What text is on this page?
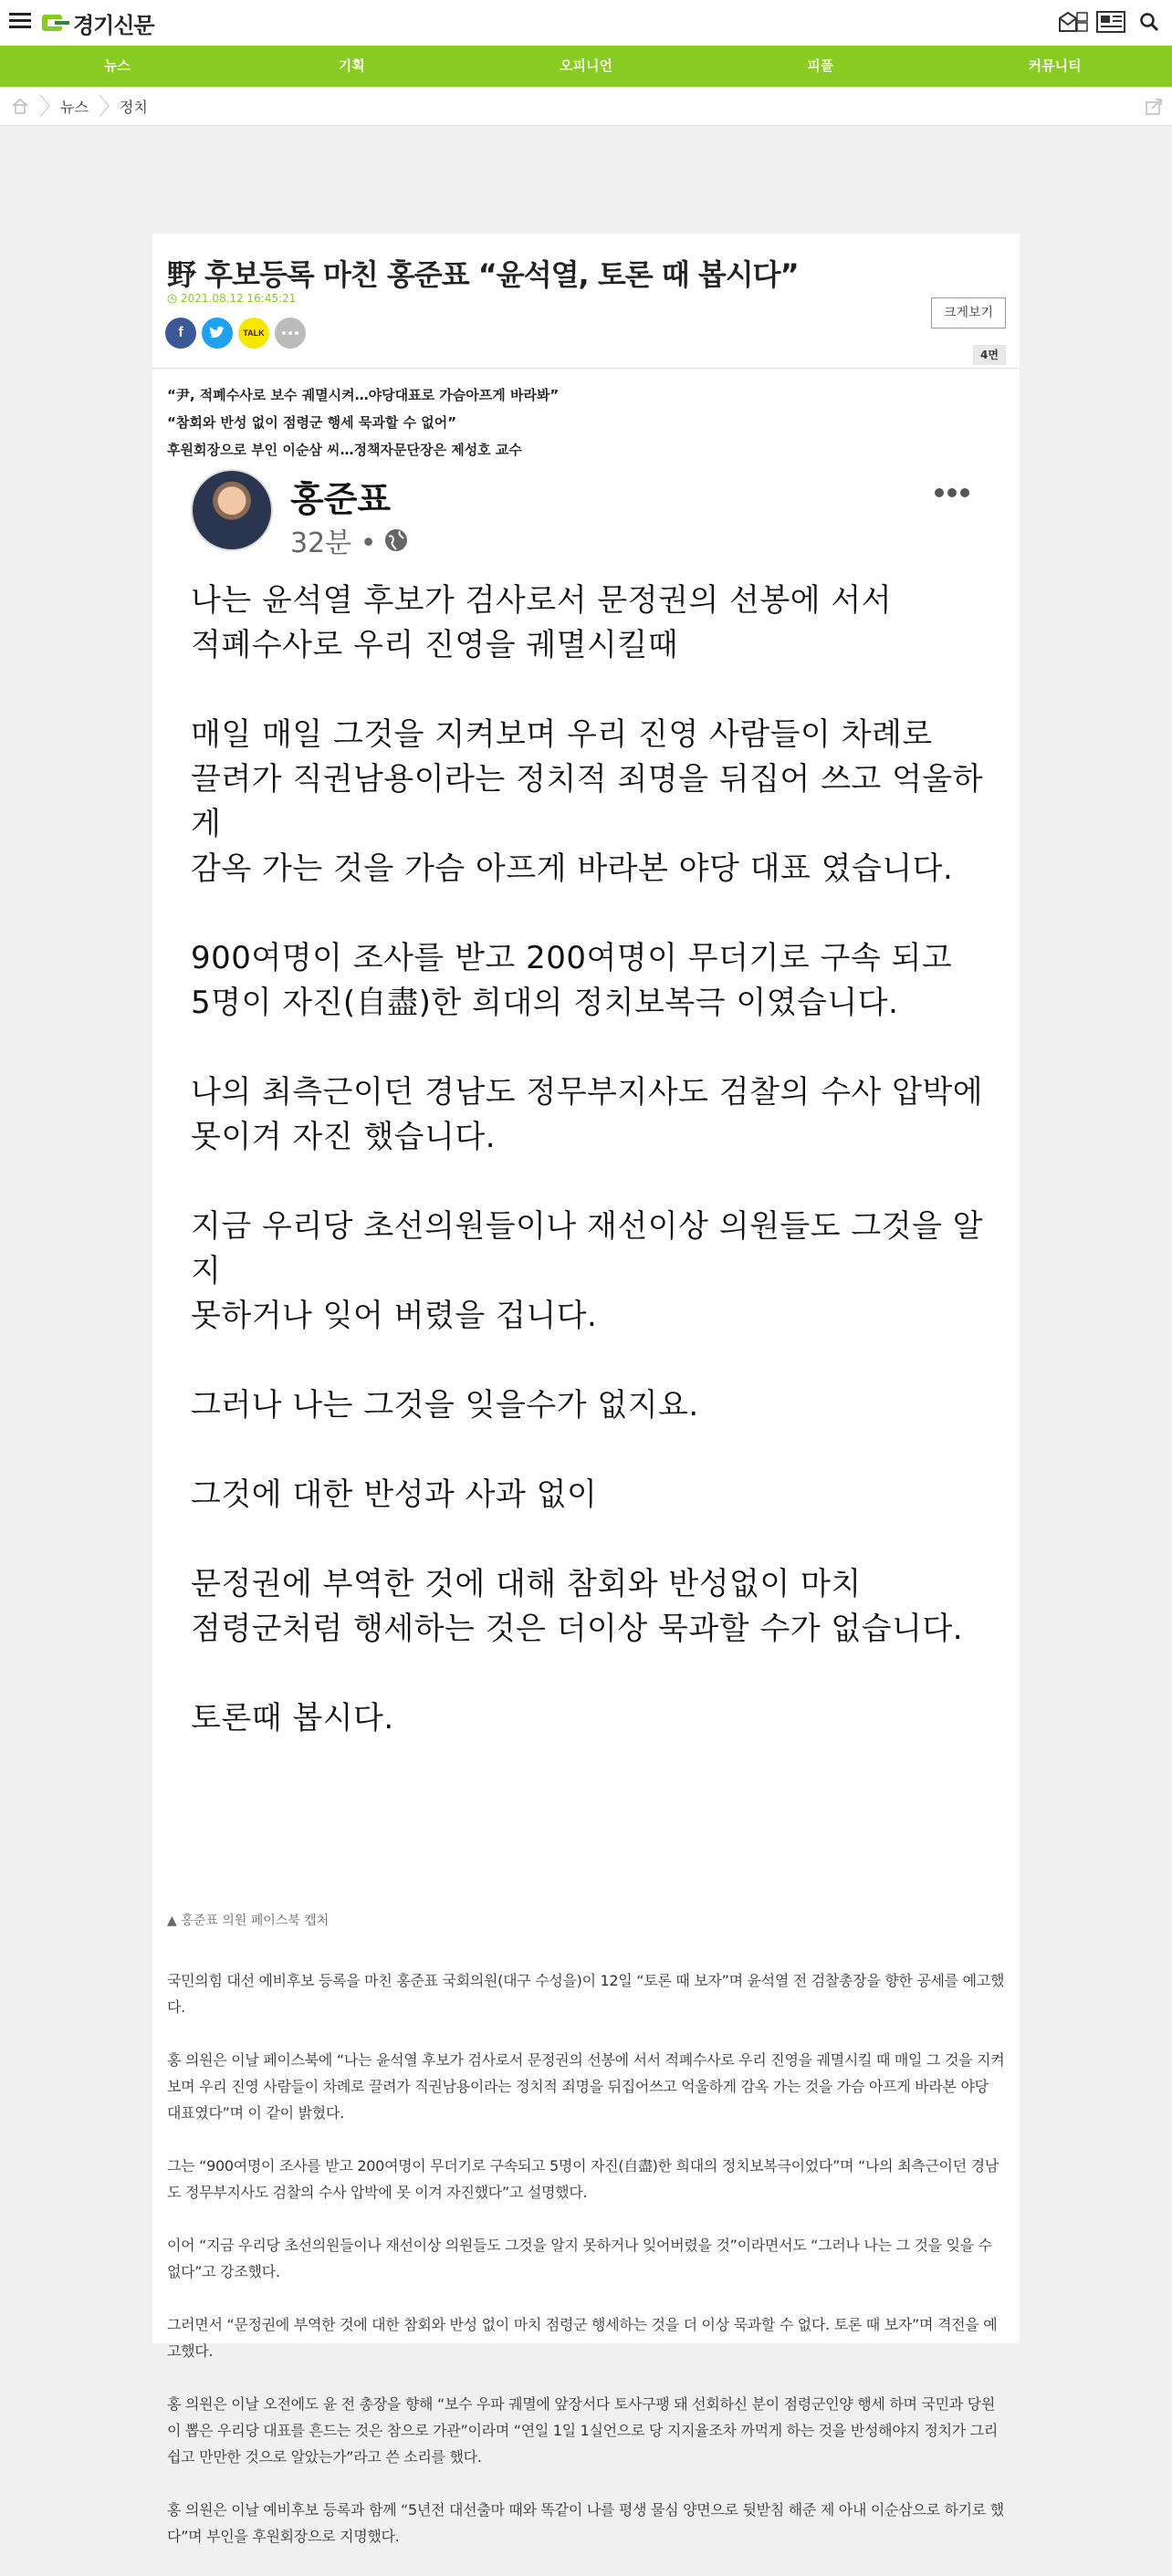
경기신문
뉴스	기획	오피니언	피플	커뮤니티
뉴스 정치
野 후보등록 마친 홍준표 “윤석열, 토론 때 봅시다”
2021.08.12 16:45:21
f	TALK
크게보기
4면
“尹, 적폐수사로 보수 궤멸시켜…야당대표로 가슴아프게 바라봐”
“참회와 반성 없이 점령군 행세 묵과할 수 없어”
후원회장으로 부인 이순삼 씨…정책자문단장은 제성호 교수
홍준표
32분 •

나는 윤석열 후보가 검사로서 문정권의 선봉에 서서
적폐수사로 우리 진영을 궤멸시킬때

매일 매일 그것을 지켜보며 우리 진영 사람들이 차례로
끌려가 직권남용이라는 정치적 죄명을 뒤집어 쓰고 억울하게
감옥 가는 것을 가슴 아프게 바라본 야당 대표 였습니다.

900여명이 조사를 받고 200여명이 무더기로 구속 되고
5명이 자진(自盡)한 희대의 정치보복극 이였습니다.

나의 최측근이던 경남도 정무부지사도 검찰의 수사 압박에
못이겨 자진 했습니다.

지금 우리당 초선의원들이나 재선이상 의원들도 그것을 알지
못하거나 잊어 버렸을 겁니다.

그러나 나는 그것을 잊을수가 없지요.

그것에 대한 반성과 사과 없이

문정권에 부역한 것에 대해 참회와 반성없이 마치
점령군처럼 행세하는 것은 더이상 묵과할 수가 없습니다.

토론때 봅시다.

▲ 홍준표 의원 페이스북 캡처

국민의힘 대선 예비후보 등록을 마친 홍준표 국회의원(대구 수성을)이 12일 “토론 때 보자”며 윤석열 전 검찰총장을 향한 공세를 예고했다.

홍 의원은 이날 페이스북에 “나는 윤석열 후보가 검사로서 문정권의 선봉에 서서 적폐수사로 우리 진영을 궤멸시킬 때 매일 그 것을 지켜보며 우리 진영 사람들이 차례로 끌려가 직권남용이라는 정치적 죄명을 뒤집어쓰고 억울하게 감옥 가는 것을 가슴 아프게 바라본 야당 대표였다”며 이 같이 밝혔다.

그는 “900여명이 조사를 받고 200여명이 무더기로 구속되고 5명이 자진(自盡)한 희대의 정치보복극이었다”며 “나의 최측근이던 경남도 정무부지사도 검찰의 수사 압박에 못 이겨 자진했다”고 설명했다.

이어 “지금 우리당 초선의원들이나 재선이상 의원들도 그것을 알지 못하거나 잊어버렸을 것”이라면서도 “그러나 나는 그 것을 잊을 수 없다”고 강조했다.

그러면서 “문정권에 부역한 것에 대한 참회와 반성 없이 마치 점령군 행세하는 것을 더 이상 묵과할 수 없다. 토론 때 보자”며 격전을 예고했다.

홍 의원은 이날 오전에도 윤 전 총장을 향해 “보수 우파 궤멸에 앞장서다 토사구팽 돼 선회하신 분이 점령군인양 행세 하며 국민과 당원이 뽑은 우리당 대표를 흔드는 것은 참으로 가관”이라며 “연일 1일 1실언으로 당 지지율조차 까먹게 하는 것을 반성해야지 정치가 그리 쉽고 만만한 것으로 알았는가”라고 쓴 소리를 했다.

홍 의원은 이날 예비후보 등록과 함께 “5년전 대선출마 때와 똑같이 나를 평생 물심 양면으로 뒷받침 해준 제 아내 이순삼으로 하기로 했다”며 부인을 후원회장으로 지명했다.
